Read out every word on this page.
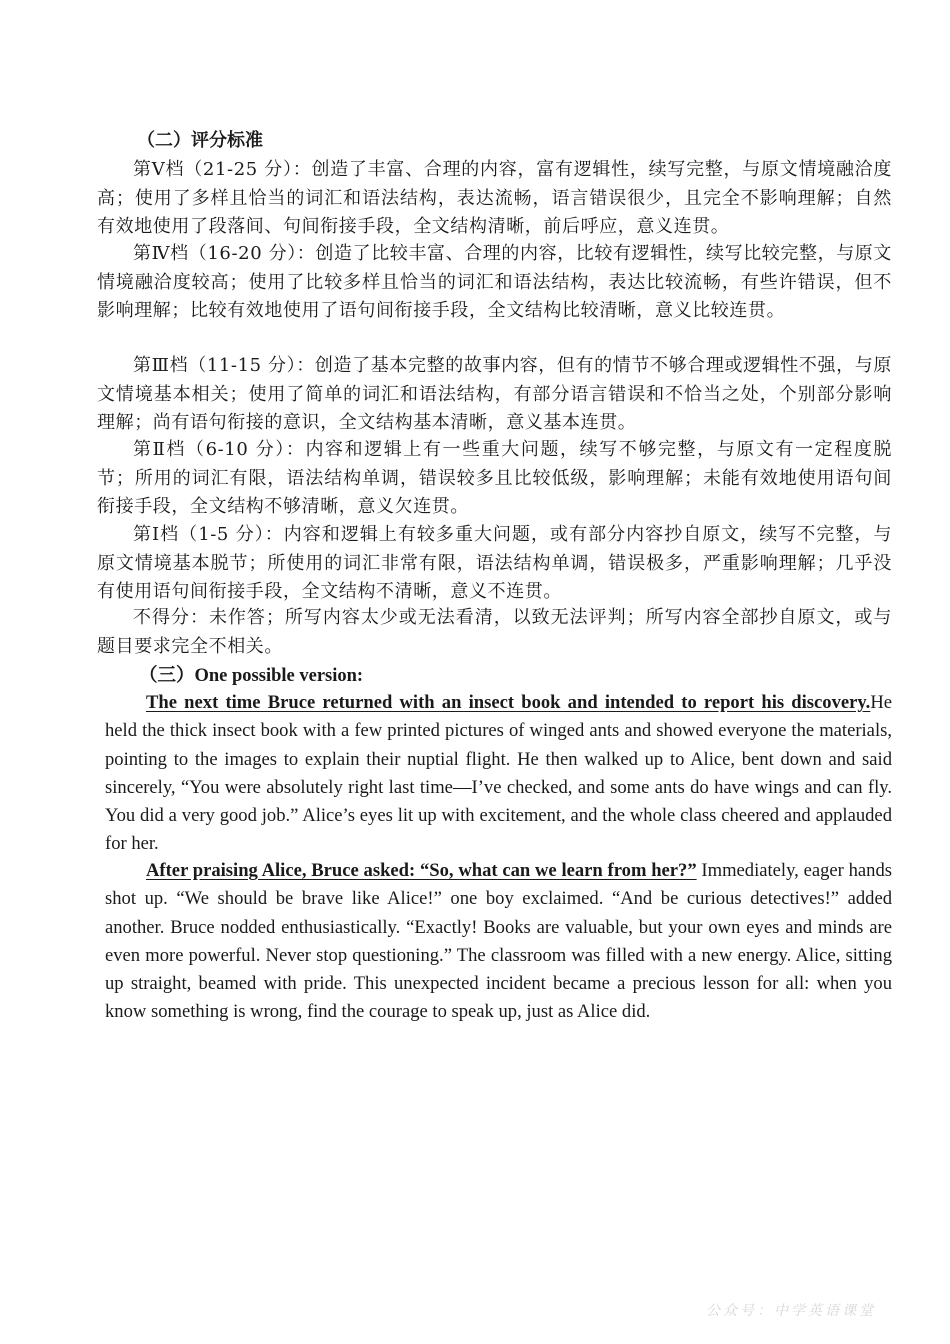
（二）评分标准

第Ⅴ档（21-25 分）：创造了丰富、合理的内容，富有逻辑性，续写完整，与原文情境融洽度高；使用了多样且恰当的词汇和语法结构，表达流畅，语言错误很少，且完全不影响理解；自然有效地使用了段落间、句间衔接手段，全文结构清晰，前后呼应，意义连贯。

第Ⅳ档（16-20 分）：创造了比较丰富、合理的内容，比较有逻辑性，续写比较完整，与原文情境融洽度较高；使用了比较多样且恰当的词汇和语法结构，表达比较流畅，有些许错误，但不影响理解；比较有效地使用了语句间衔接手段，全文结构比较清晰，意义比较连贯。

第Ⅲ档（11-15 分）：创造了基本完整的故事内容，但有的情节不够合理或逻辑性不强，与原文情境基本相关；使用了简单的词汇和语法结构，有部分语言错误和不恰当之处，个别部分影响理解；尚有语句衔接的意识，全文结构基本清晰，意义基本连贯。

第Ⅱ档（6-10 分）：内容和逻辑上有一些重大问题，续写不够完整，与原文有一定程度脱节；所用的词汇有限，语法结构单调，错误较多且比较低级，影响理解；未能有效地使用语句间衔接手段，全文结构不够清晰，意义欠连贯。

第Ⅰ档（1-5 分）：内容和逻辑上有较多重大问题，或有部分内容抄自原文，续写不完整，与原文情境基本脱节；所使用的词汇非常有限，语法结构单调，错误极多，严重影响理解；几乎没有使用语句间衔接手段，全文结构不清晰，意义不连贯。

不得分：未作答；所写内容太少或无法看清，以致无法评判；所写内容全部抄自原文，或与题目要求完全不相关。

（三）One possible version:

The next time Bruce returned with an insect book and intended to report his discovery.He held the thick insect book with a few printed pictures of winged ants and showed everyone the materials, pointing to the images to explain their nuptial flight. He then walked up to Alice, bent down and said sincerely, “You were absolutely right last time—I’ve checked, and some ants do have wings and can fly. You did a very good job.” Alice’s eyes lit up with excitement, and the whole class cheered and applauded for her.

After praising Alice, Bruce asked: “So, what can we learn from her?” Immediately, eager hands shot up. “We should be brave like Alice!” one boy exclaimed. “And be curious detectives!” added another. Bruce nodded enthusiastically. “Exactly! Books are valuable, but your own eyes and minds are even more powerful. Never stop questioning.” The classroom was filled with a new energy. Alice, sitting up straight, beamed with pride. This unexpected incident became a precious lesson for all: when you know something is wrong, find the courage to speak up, just as Alice did.

公众号：中学英语课堂
